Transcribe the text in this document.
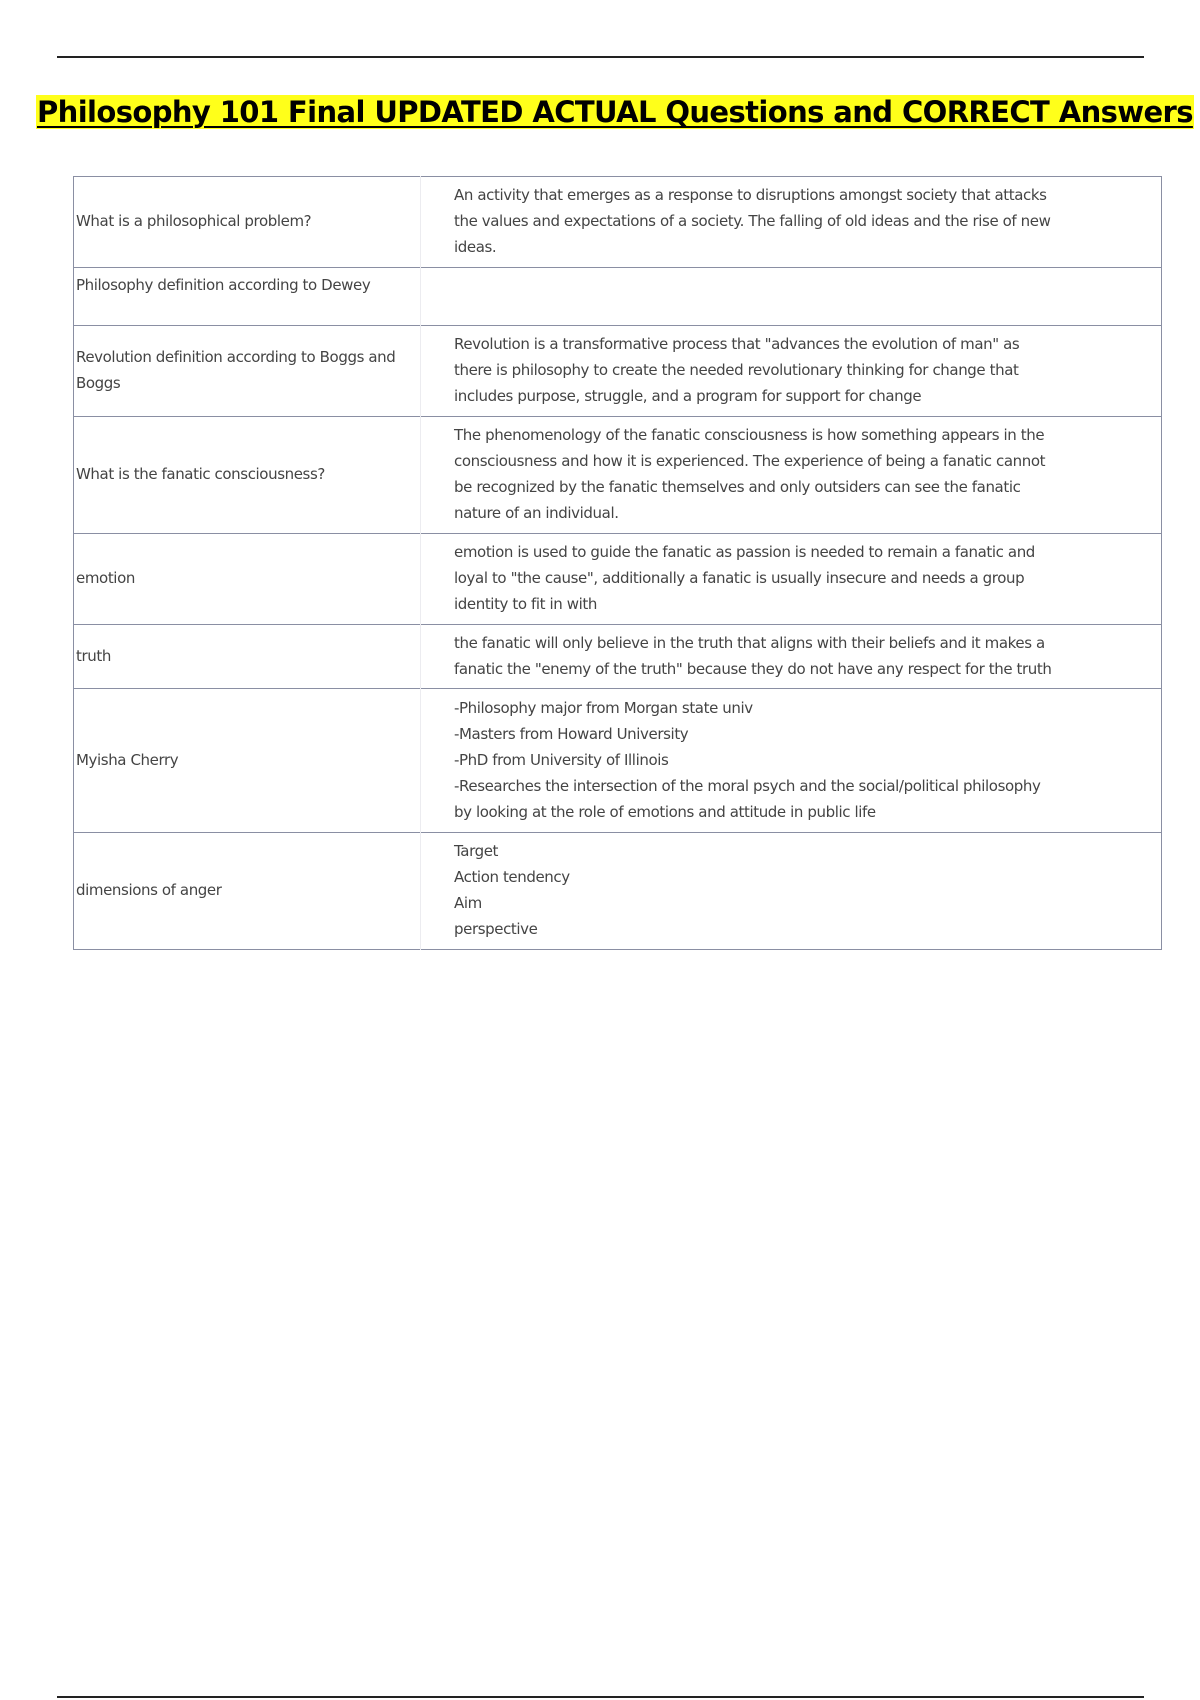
Philosophy 101 Final UPDATED ACTUAL Questions and CORRECT Answers
What is a philosophical problem?	An activity that emerges as a response to disruptions amongst society that attacks the values and expectations of a society. The falling of old ideas and the rise of new ideas.
Philosophy definition according to Dewey	
Revolution definition according to Boggs and Boggs	Revolution is a transformative process that "advances the evolution of man" as there is philosophy to create the needed revolutionary thinking for change that includes purpose, struggle, and a program for support for change
What is the fanatic consciousness?	The phenomenology of the fanatic consciousness is how something appears in the consciousness and how it is experienced. The experience of being a fanatic cannot be recognized by the fanatic themselves and only outsiders can see the fanatic nature of an individual.
emotion	emotion is used to guide the fanatic as passion is needed to remain a fanatic and loyal to "the cause", additionally a fanatic is usually insecure and needs a group identity to fit in with
truth	the fanatic will only believe in the truth that aligns with their beliefs and it makes a fanatic the "enemy of the truth" because they do not have any respect for the truth
Myisha Cherry	-Philosophy major from Morgan state univ
-Masters from Howard University
-PhD from University of Illinois
-Researches the intersection of the moral psych and the social/political philosophy by looking at the role of emotions and attitude in public life

dimensions of anger	Target
Action tendency
Aim
perspective
